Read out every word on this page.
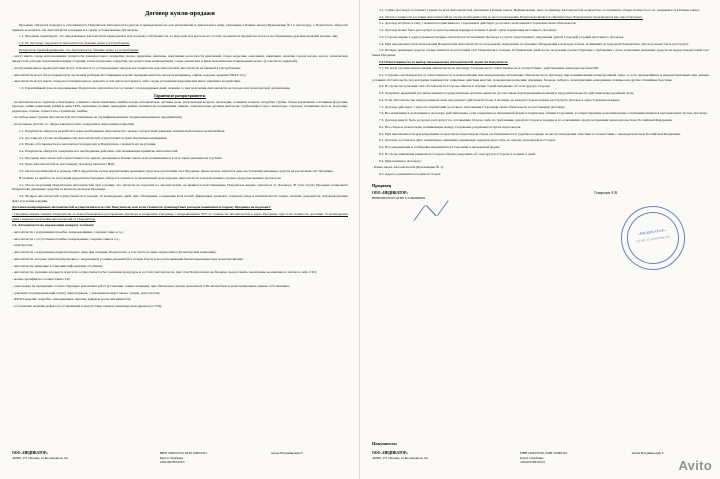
Договор купли-продажи

Продавец обязуется передать в собственность Покупателя Автозапчасти (детали и принадлежности для автомобилей и двигателей к ним), указанные в Бланке заказа (Приложение №1 к Договору), а Покупатель обязуется принять и оплатить эти Автозапчасти в порядке и в сроки, установленные Договором.

1.1. Продавец гарантирует, что передаваемые Автозапчасти принадлежат ему на праве собственности, в споре или под арестом не состоят, не является предметом залога и не обременены другими правами третьих лиц.

1.2. По Договору передаются Автозапчасти, бывшие ранее в употреблении.

Покупатель проинформирован, что Автозапчасти, бывшие ранее в употреблении:

- могут иметь следы использования: потертости лакокрасочного покрытия, сколы, царапины, вмятины, нарушение целостности креплений, следы коррозии, окисления, закипания, наличие следов нагара, масел, технических жидкостей, рабочие загрязнения камеры сгорания, технологические отверстия, несоответствие комплектации, следы демонтажа и иные механические повреждения, износ (в том числе скрытый);

- эксплуатационные характеристики могут отличаться от установленных заводом-изготовителем для аналогичной автозапчасти не бывшей в употреблении;

- автозапчасти могут быть подвергнуты частичной разборке Поставщиком в целях проверки качества запчасти (например, снятие поддона, крышки ГБЦ и т.п.);

- автозапчасти могут иметь следы восстановительного ремонта, в том числе кустарного, либо следы устранения коррозии или иного внешнего воздействия.

1.3. Гарантийный срок на передаваемые Покупателю Автозапчасти составляет 14 календарных дней, начиная со дня получения Автозапчасти на Складе или транспортной организации.

Гарантия не распространяется:

- на автозапчасти по группам «Электрика», а именно: свечи зажигания, лямбда-зонды, катализаторы, датчики, реле, расходомеры воздуха, прокладки, сальники, шланги, патрубки, трубки, блоки управления, топливные форсунки, провода, замки зажигания, ремни и цепи ГРМ, сцепление, ролики, приводные ремни, натяжители, подшипники, шкивы, электрические датчики двигателя, турбокомпрессоры, генераторы, стартеры, топливные насосы, форсунки, радиаторы, помпы, термостаты, глушители, шайбы;

- на любые иные группы автозапчастей, изготовленные на сертифицированных специализированных предприятиях;

- на кузовные детали, то, сферы лакокрасочного покрытия и нанесенные покрытия;

2.1. Покупатель обязуется разработать наше необходимые Автозапчасти с целью соответствия данными технической платности автомобиля.

2.2. Доставка (в случае необходимости) Автозапчастей осуществляется транспортными компаниями.

2.3. Право собственности на Автозапчасти переходит к Покупателю с момента их получения.

2.4. Покупатель обязуется совершить все необходимые действия, обеспечивающие принятие Автозапчастей.

3.1. Продавец Автозапчастей осуществляется по ценам, указанным в Бланке заказа, или указываемым в Счете. Цена указывается в рублях.

3.2. Цена Автозапчастей по настоящему Договору включает НДС.

3.3. Оплата производится в размере 100% предоплаты путем перечисления денежных средств на расчетный счет Продавца. Днем оплаты считается день поступления денежных средств на расчетный счет Продавца.

В течение 14 дней после получения предоплаты Продавец обязуется оплатить за назначенный срок передать Автозапчасти за исключением случаев, предусмотренных Договором.

3.1. После получения Покупателем автозапчастей, при условии, что запчасти не подошли по автозапчастям, не являются качественными, Покупатель вправе отказаться от Договора. В этом случае Продавец возвращает Покупателю денежные средства за вычетом расходов Продавца.

3.2. Возврат автозапчастей осуществляется в течение 14 календарных дней, при соблюдении: сохранения всех пломб, фирменных упаковок, товарного вида и комплектности товара, наличие документов, подтверждающих факт и условия покупки.

Доставка возвращаемых автозапчастей осуществляется за счет Покупателя, или если стоимость транспортных расходов понимаются сторону Продавца не подлежит:

- Продавец вправе снизить Покупателю за невозобновляемое расторжение Договора и возвратить Продавцу с предъявлением 50% от стоимости автозапчастей в адрес Продавца, при этом стоимость доставки 15 календарных дней с момента получения автозапчастей от Покупателя.

2.2. Автозапчасти не подлежащие возврату и обмену:

- автозапчасти с нарушением пломбы, повреждениями, следами слива и т.д.;

- автозапчасти с отсутствием пломбы, повреждения, следами слива и т.д.;

- электроузлы;

- автозапчасти с нарушением первоначального вида при отправке Покупателю, в том числе по вине перевозчика (Транспортной компании);

- автозапчасти, которые транспортировались с нарушением условия указания (без потери борта) и все распоряжения были повреждены при транспортировке;

- автозапчасти, имеющие в описании информацию об обмене;

- автозапчасти, указание которых в агрегатах осуществляется без указания процедуры и состоит Автозапчасти, при этом Покупателем необходимо предоставить заключение независимого эксперта либо СТО;

- копия сертификата соответствия СТО;

- заказ-наряд на проведение соответствующих ремонтных работ (установки, замена позиции), при обязательно указан ремонтных VIN автомобиля и регистрационные данные собственника;

- документ, подтверждающий оплату заказ-нарядов, с указанием номера заказа, суммы, даты оплаты;

- ФОТО изделия, подробно описывающее скрытые дефекты (если они имеются);

- составление наличия дефекта (составленный в присутствии главного инженера или директора СТО).

ООО «ИНДИКАТОР»
420061, РТ, г.Казань, ул.Космонавтов, 2А
ИНН 1660255550, КПП 166001001
Карта Сбербанка
22022067865453/5
Антон Владимирович Г.

4.1. Сумма Договора составляет стоимость всех Автозапчастей, указанных в Бланке заказа. Наименование, цена за единицу Автозапчастей, количество, ассортимент, общая стоимость и т.п. указываются в Бланке заказа.

4.2. Оплата стоимости доставки Автозапчастей (в случае необходимости) до места нахождения Покупателя является обязанностью Покупателя и производится им самостоятельно.

5.1. Договор вступает в силу с момента подписания его сторонами и действует до полного исполнения Сторонами своих обязательств.

5.2. Договор может быть расторгнут в одностороннем порядке в течение 3 дней с даты подписания настоящего Договора.

5.3. Сторона вправе в одностороннем порядке отказаться от исполнения Договора в случае существенного нарушения другой Стороной условий настоящего Договора.

5.4. При невозможности использования Покупателем Автозапчасти по ее целевому назначению по причине обнаружения в ней недостатков, возникших до передачи Покупателю, Договор может быть расторгнут.

5.5. Возврат денежных средств осуществляется на расчетный счет Покупателя в течение 10 банковских дней после получения соответствующего требования с даты зачисления денежных средств на корреспондентский счет банка Продавца.

5.6 Ответственность за выбор заказываемых Автозапчастей лежит на Покупателе.

5.7. По всем случаям неисполнения обязательств по Договору Стороны несут ответственность в соответствии с действующим законодательством РФ.

6.1. Стороны освобождаются от ответственности за неисполнение или ненадлежащее исполнение обязательств по Договору при возникновении непреодолимой силы, то есть чрезвычайных и непредотвратимых при данных условиях обстоятельств, под которыми понимаются: запретные действия властей, гражданские волнения, эпидемии, блокада, эмбарго, землетрясения, наводнения, пожары или другие стихийные бедствия.

6.2. В случае наступления этих обстоятельств Сторона обязана в течение 3 дней письменно об этом другую Сторону.

6.3. Документ, выданный уполномоченным государственным органом, является достаточным подтверждением наличия и продолжительности действия непреодолимой силы.

6.4. Если обстоятельства непреодолимой силы продолжают действовать более 3 месяцев, но каждая Сторона вправе расторгнуть Договор в одностороннем порядке.

7.1. Договор действует с даты его подписания до полного исполнения Сторонами своих обязательств по настоящему Договору.

7.2. Все изменения и дополнения к Договору действительны, если совершены в письменной форме и подписаны обеими Сторонами. Соответствующие дополнительные соглашения являются неотъемлемой частью Договора.

7.3. Договор вместе быть досрочно расторгнут по соглашению Сторон, либо по требованию одной из Сторон в порядке и по основаниям, предусмотренным законодательством Российской Федерации.

8.1. Все споры и разногласия, возникающие между Сторонами, разрешаются путем переговоров.

8.2. При невозможности урегулирования споров путем переговоров споры рассматриваются в судебном порядке по месту нахождения ответчика в соответствии с законодательством Российской Федерации.

9.1. Договор составлен в двух экземплярах, имеющих одинаковую юридическую силу, по одному для каждой из Сторон.

9.2. Все уведомления и сообщения направляются Сторонами в письменной форме.

9.3. В случае изменения реквизитов Сторона обязана уведомить об этом другую Сторону в течение 3 дней.

9.4. Приложения к Договору:

- Бланк заказа Автозапчастей (Приложение № 1).

9.5. Адреса, реквизиты и подписи Сторон:

Продавец
ООО «ИНДИКАТОР»
ИНН1660255550 ОГРН 1151690089209
Генералов А.В.
⟋⟍⟋
«ИНДИКАТОР»
ОГРН 1151690089209
Покупатель:
ООО «ИНДИКАТОР»
420061, РТ, г.Казань, ул.Космонавтов, 2А
ИНН 1660255550, КПП 166001001
Карта Сбербанка
22022067865453/5
Антон Владимирович Г.
Avito
